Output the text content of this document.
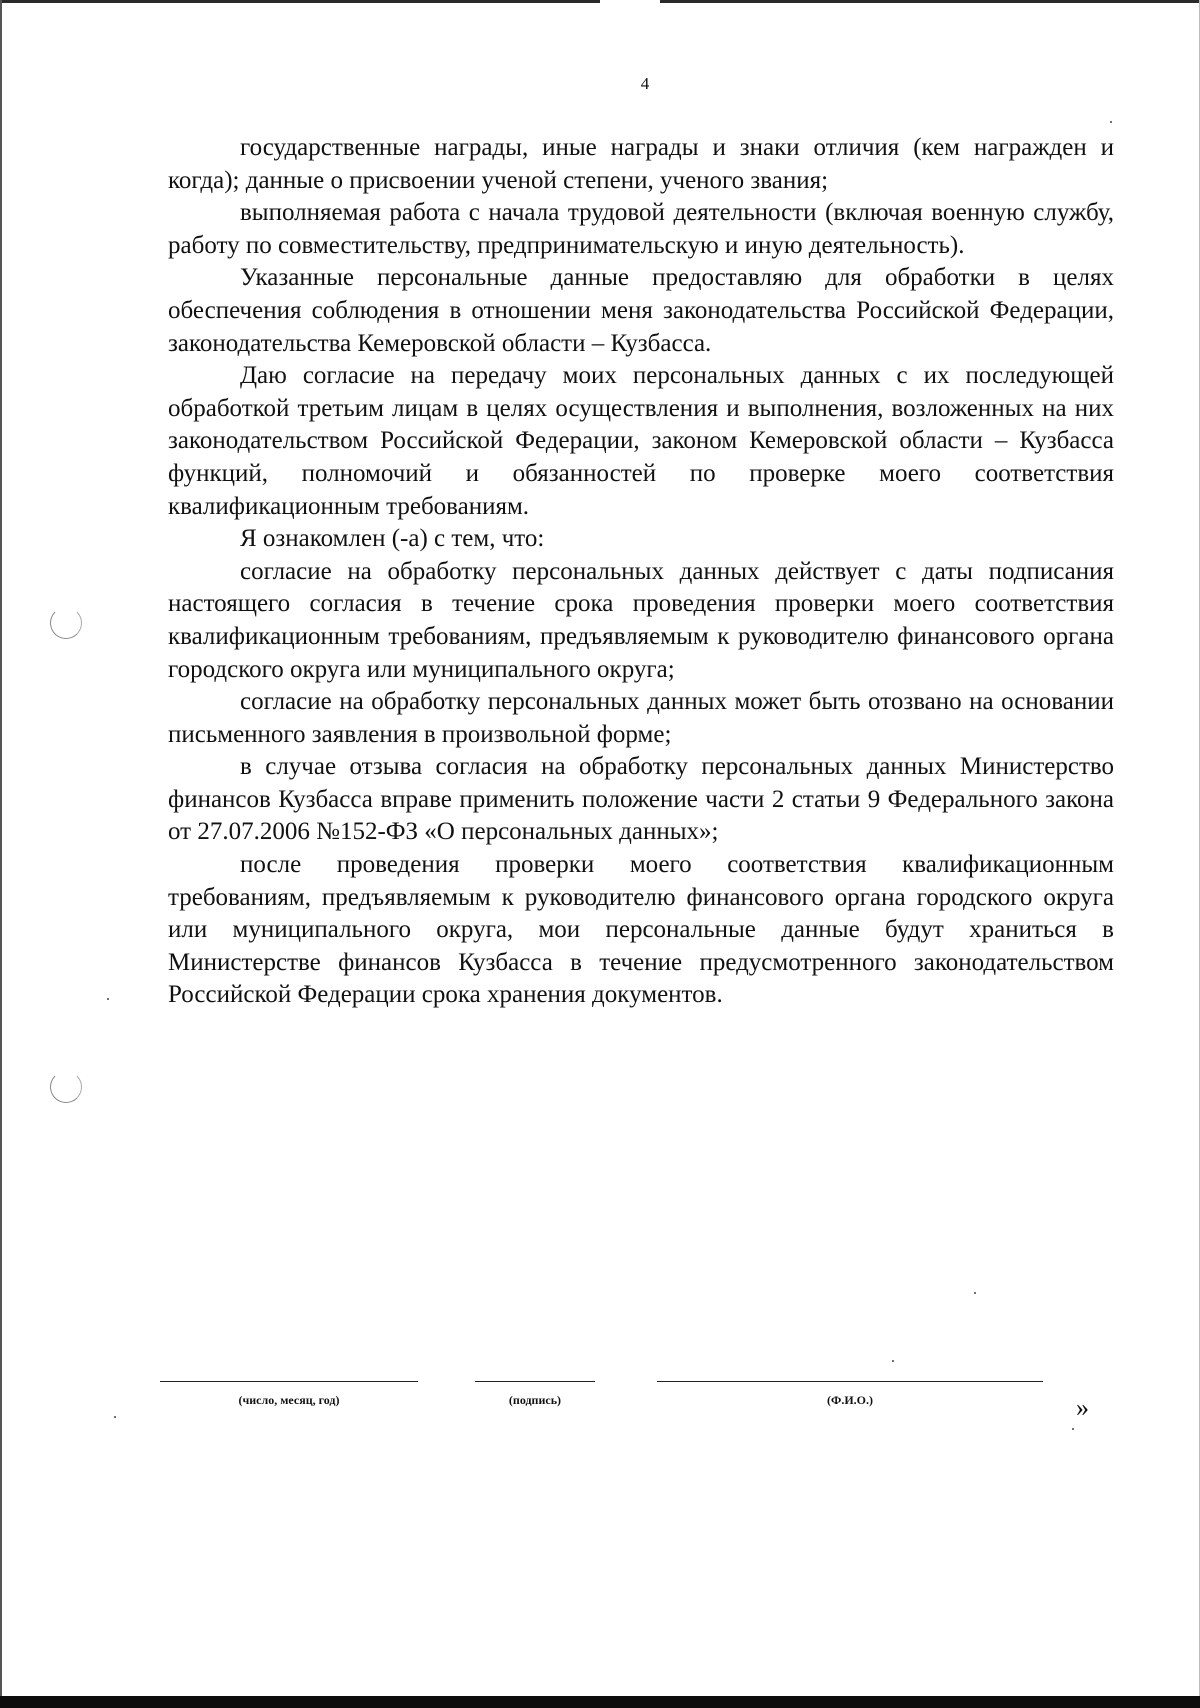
4

государственные награды, иные награды и знаки отличия (кем награжден и когда); данные о присвоении ученой степени, ученого звания;

выполняемая работа с начала трудовой деятельности (включая военную службу, работу по совместительству, предпринимательскую и иную деятельность).

Указанные персональные данные предоставляю для обработки в целях обеспечения соблюдения в отношении меня законодательства Российской Федерации, законодательства Кемеровской области – Кузбасса.

Даю согласие на передачу моих персональных данных с их последующей обработкой третьим лицам в целях осуществления и выполнения, возложенных на них законодательством Российской Федерации, законом Кемеровской области – Кузбасса функций, полномочий и обязанностей по проверке моего соответствия квалификационным требованиям.

Я ознакомлен (-а) с тем, что:

согласие на обработку персональных данных действует с даты подписания настоящего согласия в течение срока проведения проверки моего соответствия квалификационным требованиям, предъявляемым к руководителю финансового органа городского округа или муниципального округа;

согласие на обработку персональных данных может быть отозвано на основании письменного заявления в произвольной форме;

в случае отзыва согласия на обработку персональных данных Министерство финансов Кузбасса вправе применить положение части 2 статьи 9 Федерального закона от 27.07.2006 №152-ФЗ «О персональных данных»;

после проведения проверки моего соответствия квалификационным требованиям, предъявляемым к руководителю финансового органа городского округа или муниципального округа, мои персональные данные будут храниться в Министерстве финансов Кузбасса в течение предусмотренного законодательством Российской Федерации срока хранения документов.

(число, месяц, год)	(подпись)	(Ф.И.О.)	»
